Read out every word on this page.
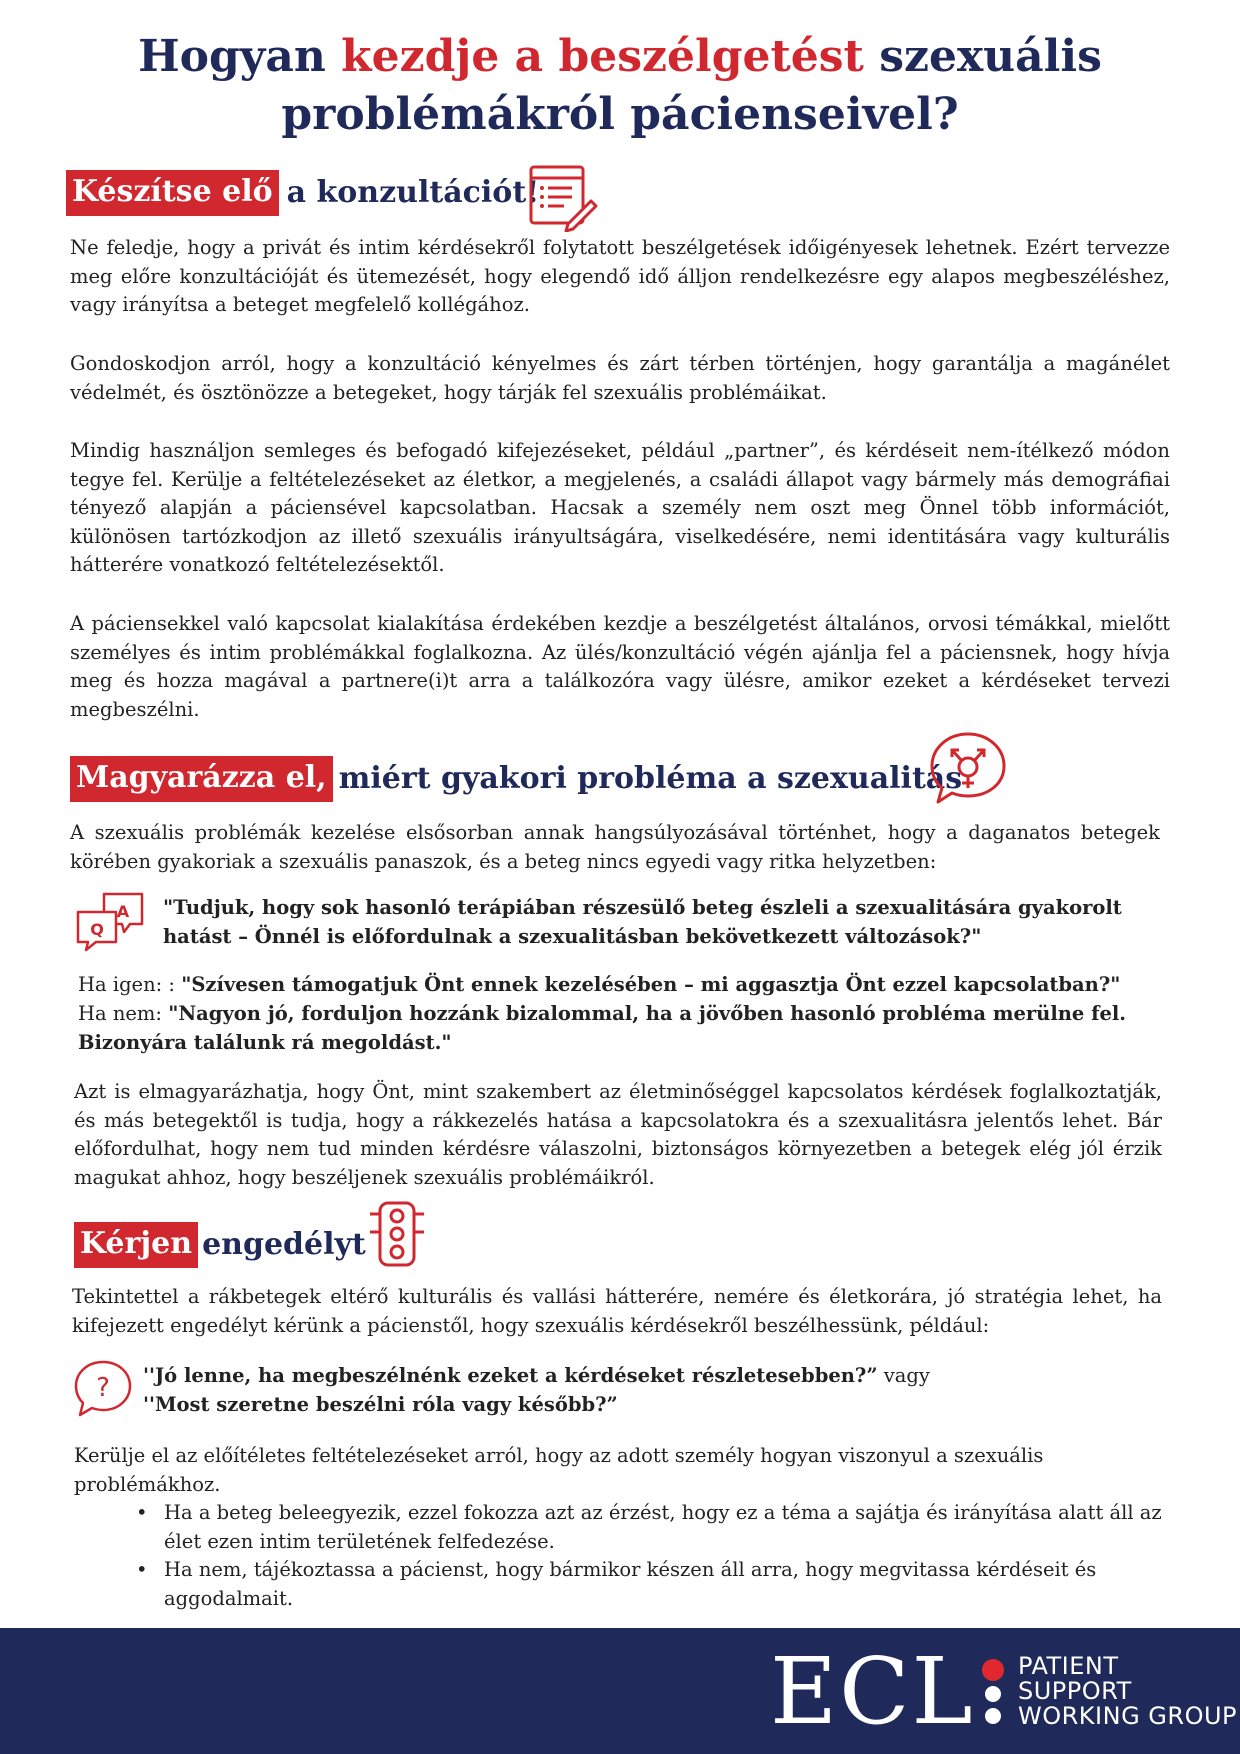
Hogyan kezdje a beszélgetést szexuális
problémákról pácienseivel?
Készítse elő a konzultációt!

Ne feledje, hogy a privát és intim kérdésekről folytatott beszélgetések időigényesek lehetnek. Ezért tervezze meg előre konzultációját és ütemezését, hogy elegendő idő álljon rendelkezésre egy alapos megbeszéléshez, vagy irányítsa a beteget megfelelő kollégához.

Gondoskodjon arról, hogy a konzultáció kényelmes és zárt térben történjen, hogy garantálja a magánélet védelmét, és ösztönözze a betegeket, hogy tárják fel szexuális problémáikat.

Mindig használjon semleges és befogadó kifejezéseket, például „partner”, és kérdéseit nem-ítélkező módon tegye fel. Kerülje a feltételezéseket az életkor, a megjelenés, a családi állapot vagy bármely más demográfiai tényező alapján a páciensével kapcsolatban. Hacsak a személy nem oszt meg Önnel több információt, különösen tartózkodjon az illető szexuális irányultságára, viselkedésére, nemi identitására vagy kulturális hátterére vonatkozó feltételezésektől.

A páciensekkel való kapcsolat kialakítása érdekében kezdje a beszélgetést általános, orvosi témákkal, mielőtt személyes és intim problémákkal foglalkozna. Az ülés/konzultáció végén ajánlja fel a páciensnek, hogy hívja meg és hozza magával a partnere(i)t arra a találkozóra vagy ülésre, amikor ezeket a kérdéseket tervezi megbeszélni.

Magyarázza el, miért gyakori probléma a szexualitás

A szexuális problémák kezelése elsősorban annak hangsúlyozásával történhet, hogy a daganatos betegek körében gyakoriak a szexuális panaszok, és a beteg nincs egyedi vagy ritka helyzetben:

A
Q

"Tudjuk, hogy sok hasonló terápiában részesülő beteg észleli a szexualitására gyakorolt hatást – Önnél is előfordulnak a szexualitásban bekövetkezett változások?"

Ha igen: : "Szívesen támogatjuk Önt ennek kezelésében – mi aggasztja Önt ezzel kapcsolatban?"

Ha nem: "Nagyon jó, forduljon hozzánk bizalommal, ha a jövőben hasonló probléma merülne fel. Bizonyára találunk rá megoldást."

Azt is elmagyarázhatja, hogy Önt, mint szakembert az életminőséggel kapcsolatos kérdések foglalkoztatják, és más betegektől is tudja, hogy a rákkezelés hatása a kapcsolatokra és a szexualitásra jelentős lehet. Bár előfordulhat, hogy nem tud minden kérdésre válaszolni, biztonságos környezetben a betegek elég jól érzik magukat ahhoz, hogy beszéljenek szexuális problémáikról.

Kérjen engedélyt

Tekintettel a rákbetegek eltérő kulturális és vallási hátterére, nemére és életkorára, jó stratégia lehet, ha kifejezett engedélyt kérünk a pácienstől, hogy szexuális kérdésekről beszélhessünk, például:

? ''Jó lenne, ha megbeszélnénk ezeket a kérdéseket részletesebben?” vagy

''Most szeretne beszélni róla vagy később?”

Kerülje el az előítéletes feltételezéseket arról, hogy az adott személy hogyan viszonyul a szexuális problémákhoz.

• Ha a beteg beleegyezik, ezzel fokozza azt az érzést, hogy ez a téma a sajátja és irányítása alatt áll az élet ezen intim területének felfedezése.
• Ha nem, tájékoztassa a pácienst, hogy bármikor készen áll arra, hogy megvitassa kérdéseit és aggodalmait.
ECL PATIENT
SUPPORT
WORKING GROUP
